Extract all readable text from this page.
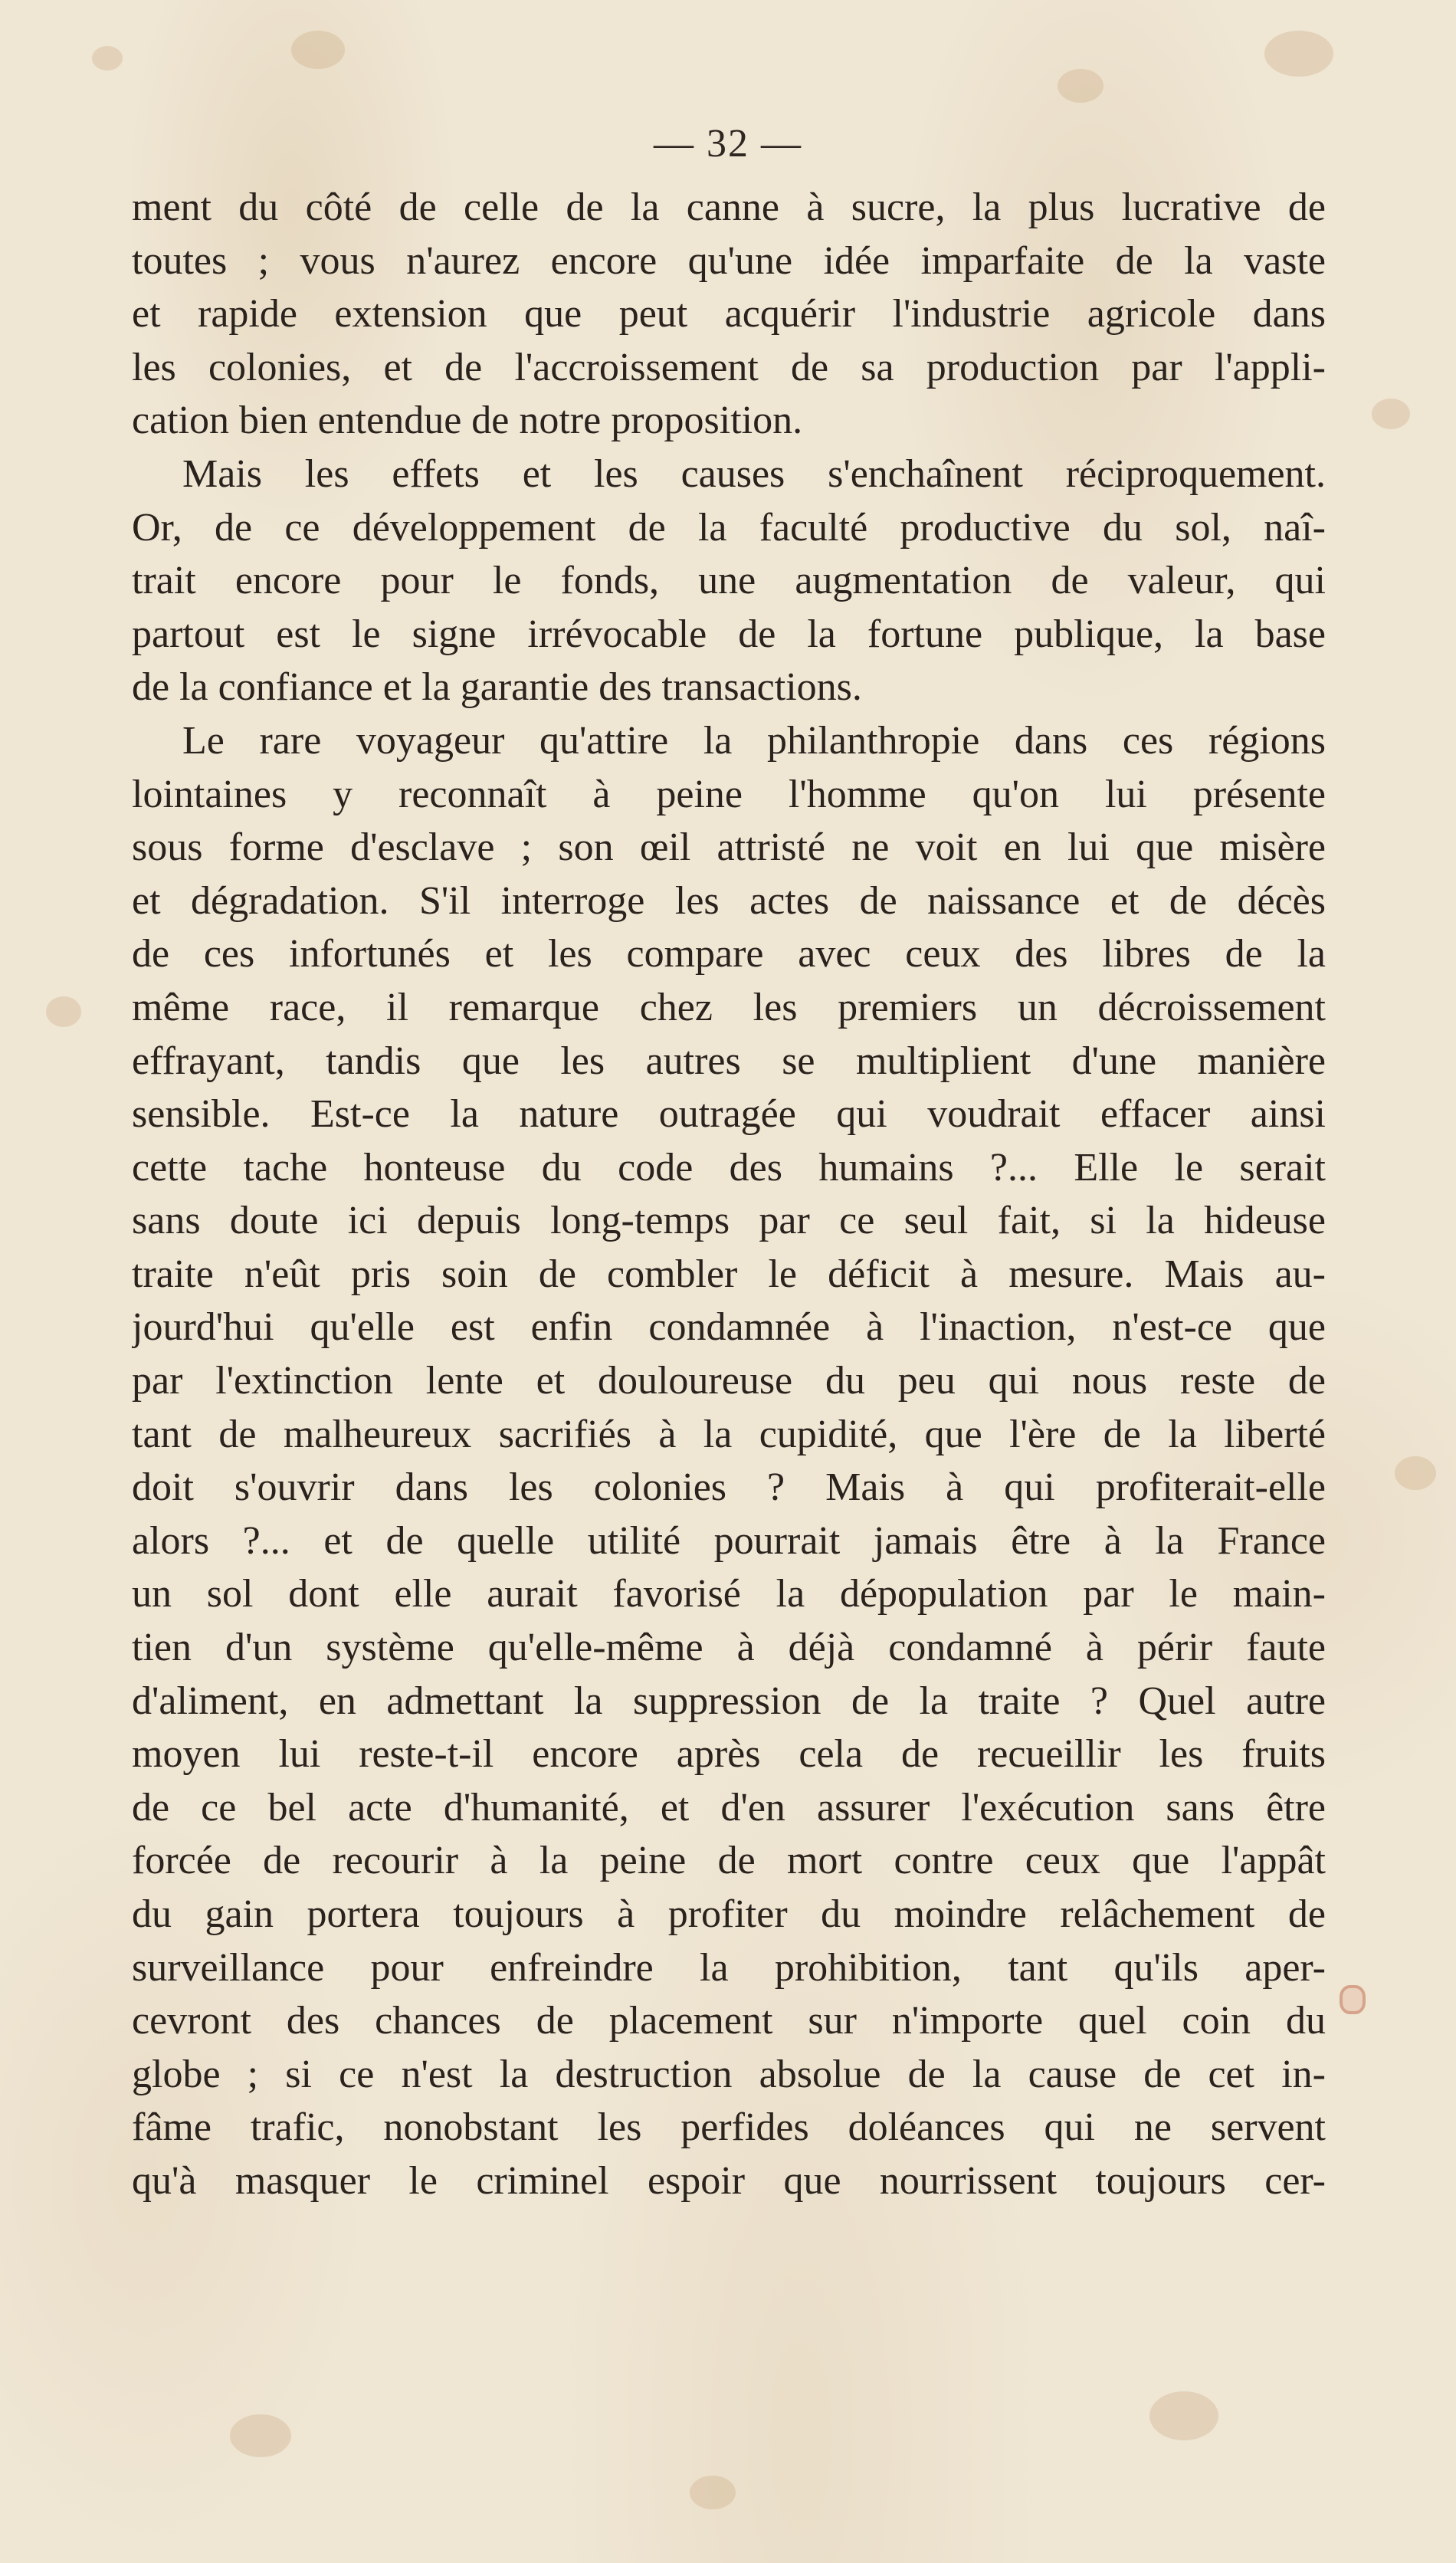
— 32 —
ment du côté de celle de la canne à sucre, la plus lucrative de
toutes ; vous n'aurez encore qu'une idée imparfaite de la vaste
et rapide extension que peut acquérir l'industrie agricole dans
les colonies, et de l'accroissement de sa production par l'appli-
cation bien entendue de notre proposition.
Mais les effets et les causes s'enchaînent réciproquement.
Or, de ce développement de la faculté productive du sol, naî-
trait encore pour le fonds, une augmentation de valeur, qui
partout est le signe irrévocable de la fortune publique, la base
de la confiance et la garantie des transactions.
Le rare voyageur qu'attire la philanthropie dans ces régions
lointaines y reconnaît à peine l'homme qu'on lui présente
sous forme d'esclave ; son œil attristé ne voit en lui que misère
et dégradation. S'il interroge les actes de naissance et de décès
de ces infortunés et les compare avec ceux des libres de la
même race, il remarque chez les premiers un décroissement
effrayant, tandis que les autres se multiplient d'une manière
sensible. Est-ce la nature outragée qui voudrait effacer ainsi
cette tache honteuse du code des humains ?... Elle le serait
sans doute ici depuis long-temps par ce seul fait, si la hideuse
traite n'eût pris soin de combler le déficit à mesure. Mais au-
jourd'hui qu'elle est enfin condamnée à l'inaction, n'est-ce que
par l'extinction lente et douloureuse du peu qui nous reste de
tant de malheureux sacrifiés à la cupidité, que l'ère de la liberté
doit s'ouvrir dans les colonies ? Mais à qui profiterait-elle
alors ?... et de quelle utilité pourrait jamais être à la France
un sol dont elle aurait favorisé la dépopulation par le main-
tien d'un système qu'elle-même à déjà condamné à périr faute
d'aliment, en admettant la suppression de la traite ? Quel autre
moyen lui reste-t-il encore après cela de recueillir les fruits
de ce bel acte d'humanité, et d'en assurer l'exécution sans être
forcée de recourir à la peine de mort contre ceux que l'appât
du gain portera toujours à profiter du moindre relâchement de
surveillance pour enfreindre la prohibition, tant qu'ils aper-
cevront des chances de placement sur n'importe quel coin du
globe ; si ce n'est la destruction absolue de la cause de cet in-
fâme trafic, nonobstant les perfides doléances qui ne servent
qu'à masquer le criminel espoir que nourrissent toujours cer-
